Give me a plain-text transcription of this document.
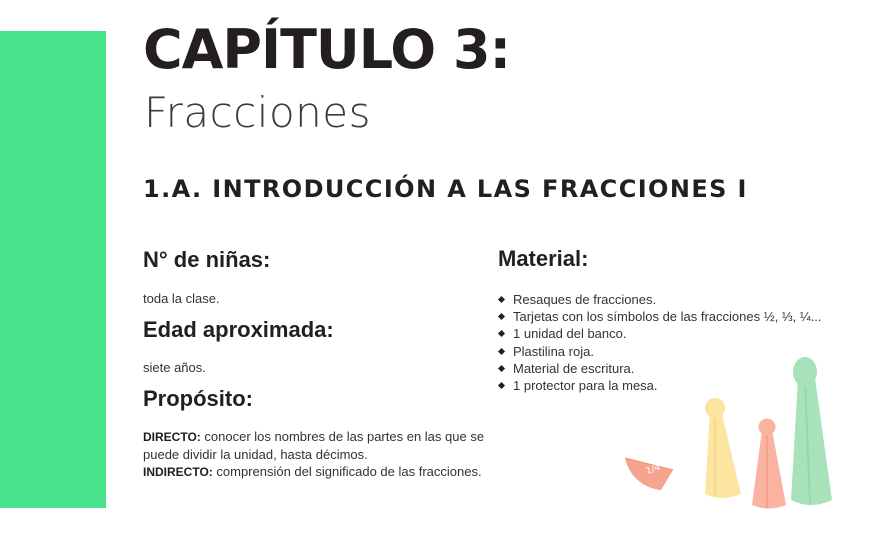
CAPÍTULO 3:
Fracciones
1.A. INTRODUCCIÓN A LAS FRACCIONES I
N° de niñas:

toda la clase.

Edad aproximada:

siete años.

Propósito:

DIRECTO: conocer los nombres de las partes en las que se puede dividir la unidad, hasta décimos.
INDIRECTO: comprensión del significado de las fracciones.

Material:
Resaques de fracciones.
Tarjetas con los símbolos de las fracciones ½, ⅓, ¼...
1 unidad del banco.
Plastilina roja.
Material de escritura.
1 protector para la mesa.
1/4
